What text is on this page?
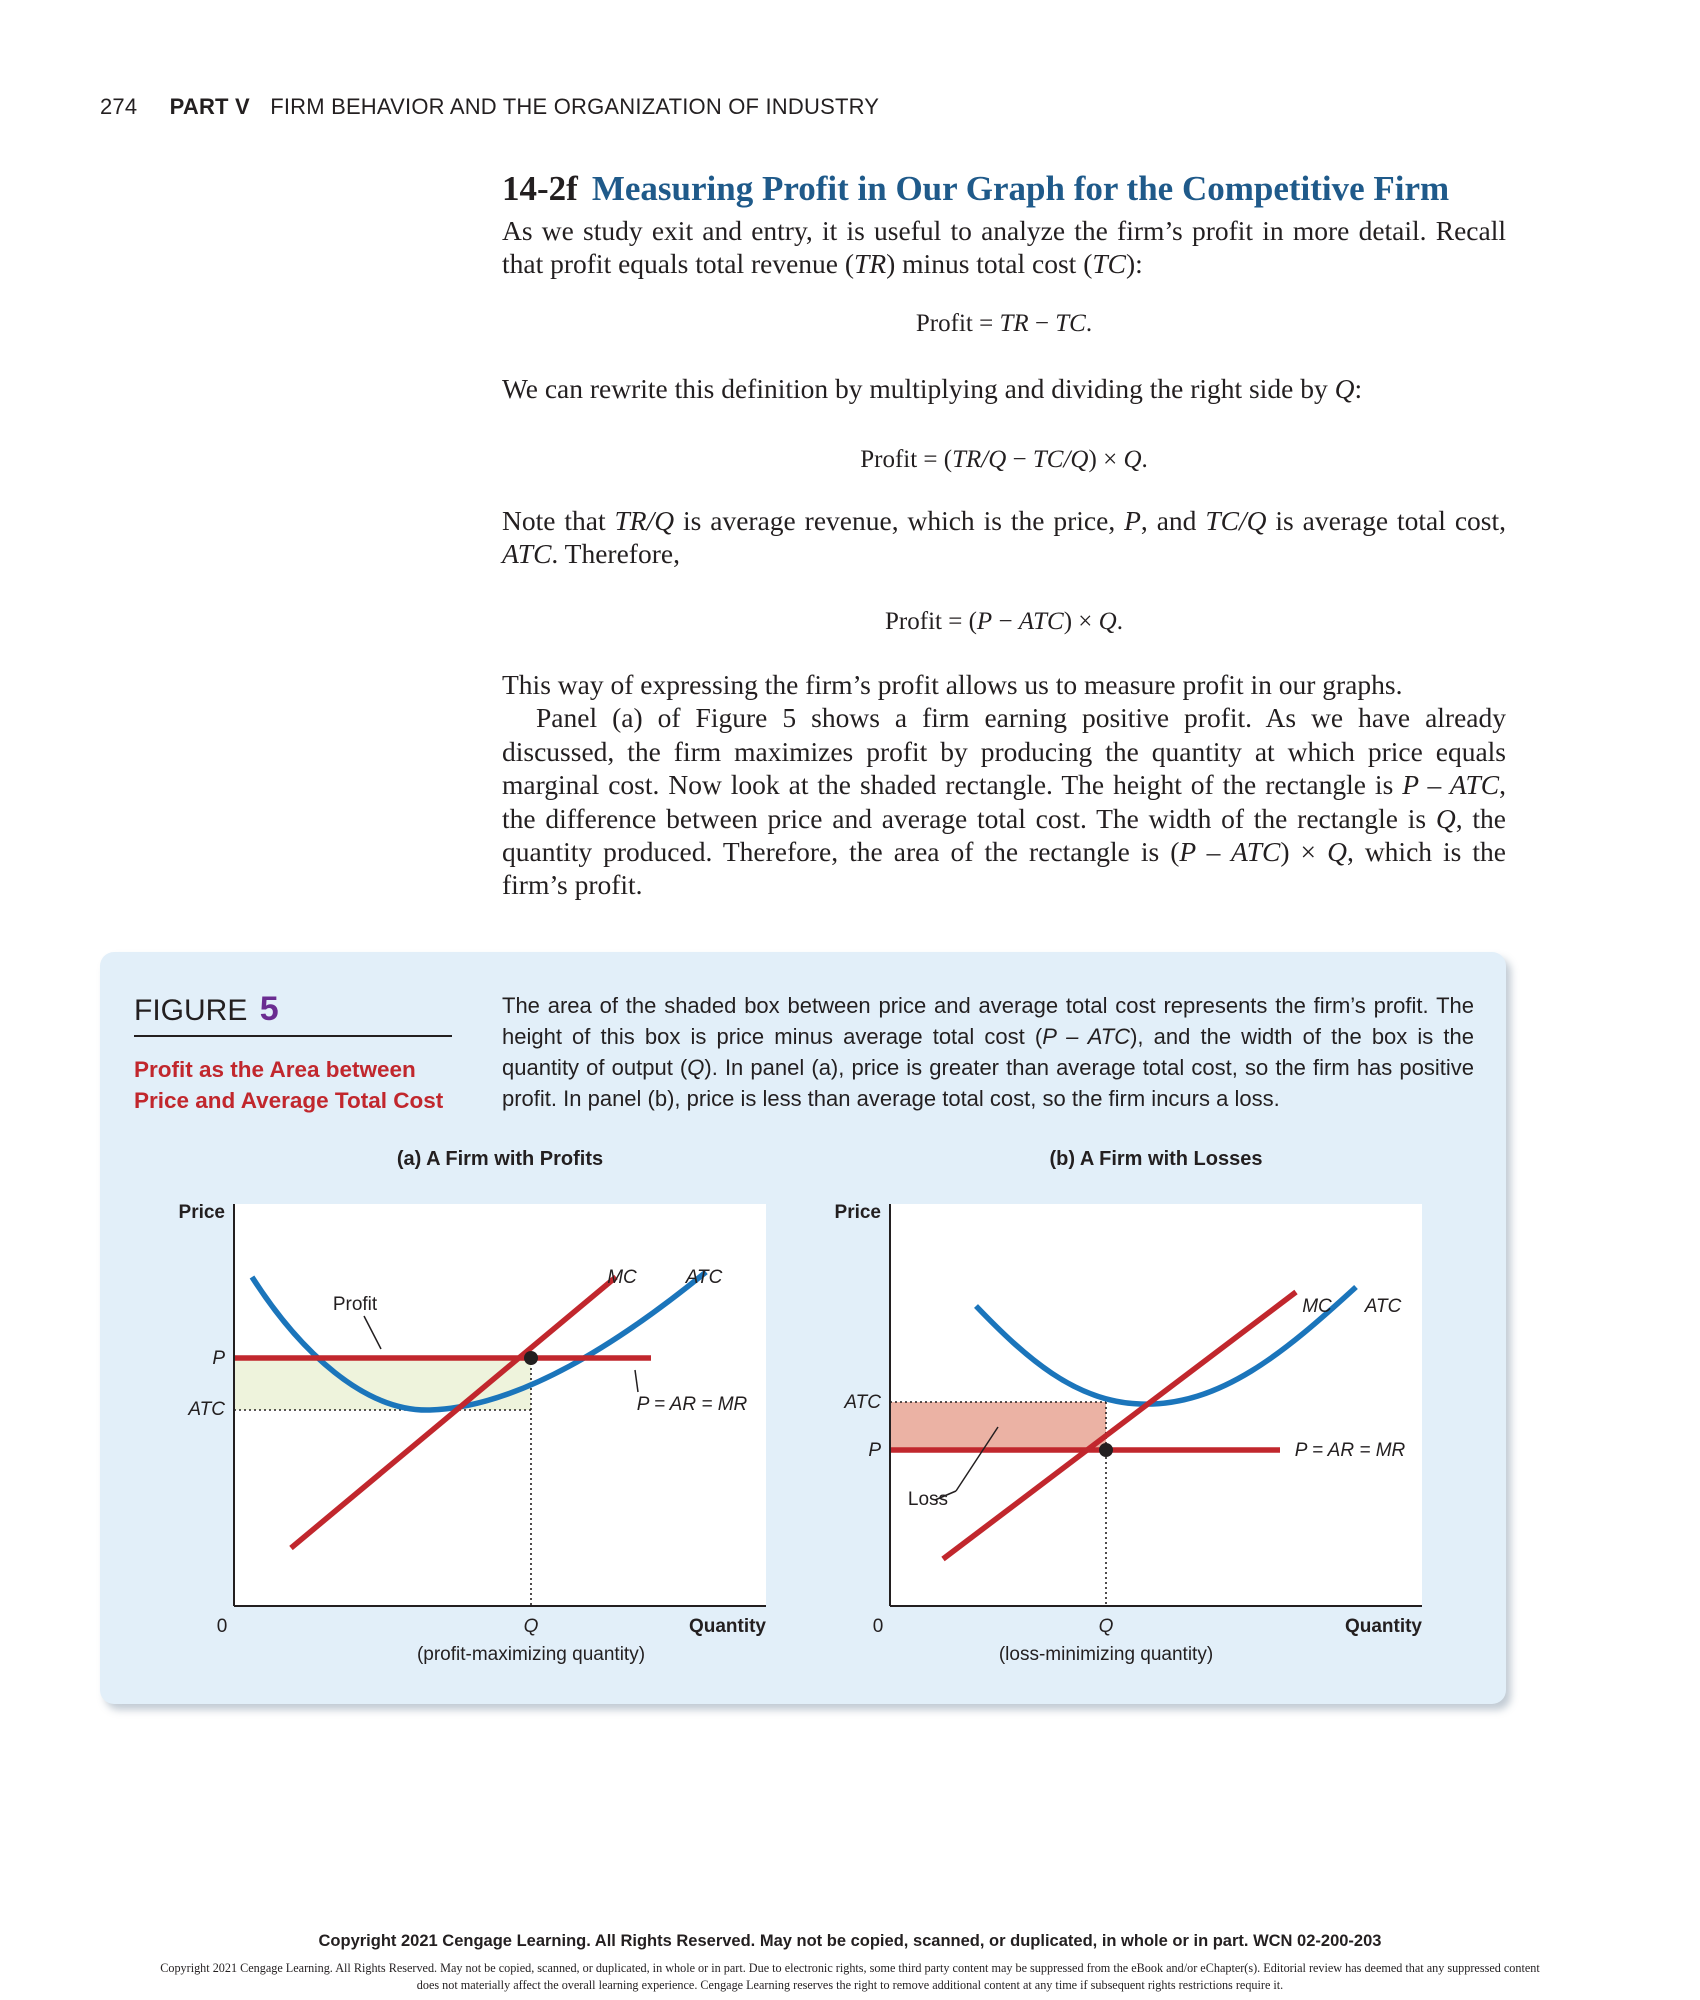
274 PART V FIRM BEHAVIOR AND THE ORGANIZATION OF INDUSTRY
14-2f Measuring Profit in Our Graph for the Competitive Firm

As we study exit and entry, it is useful to analyze the firm’s profit in more detail. Recall that profit equals total revenue (TR) minus total cost (TC):

Profit = TR − TC.

We can rewrite this definition by multiplying and dividing the right side by Q:

Profit = (TR/Q − TC/Q) × Q.

Note that TR/Q is average revenue, which is the price, P, and TC/Q is average total cost, ATC. Therefore,

Profit = (P − ATC) × Q.

This way of expressing the firm’s profit allows us to measure profit in our graphs.

Panel (a) of Figure 5 shows a firm earning positive profit. As we have already discussed, the firm maximizes profit by producing the quantity at which price equals marginal cost. Now look at the shaded rectangle. The height of the rectangle is P – ATC, the difference between price and average total cost. The width of the rectangle is Q, the quantity produced. Therefore, the area of the rectangle is (P – ATC) × Q, which is the firm’s profit.

FIGURE 5
Profit as the Area between Price and Average Total Cost
The area of the shaded box between price and average total cost represents the firm’s profit. The height of this box is price minus average total cost (P – ATC), and the width of the box is the quantity of output (Q). In panel (a), price is greater than average total cost, so the firm has positive profit. In panel (b), price is less than average total cost, so the firm incurs a loss.
(a) A Firm with Profits	(b) A Firm with Losses
Price
P
ATC
0	Q
(profit-maximizing quantity)
Quantity
MC	ATC
Profit
P = AR = MR
Price
ATC
P
0	Q
(loss-minimizing quantity)
Quantity
MC ATC
Loss
P = AR = MR
Copyright 2021 Cengage Learning. All Rights Reserved. May not be copied, scanned, or duplicated, in whole or in part. WCN 02-200-203
Copyright 2021 Cengage Learning. All Rights Reserved. May not be copied, scanned, or duplicated, in whole or in part. Due to electronic rights, some third party content may be suppressed from the eBook and/or eChapter(s). Editorial review has deemed that any suppressed content does not materially affect the overall learning experience. Cengage Learning reserves the right to remove additional content at any time if subsequent rights restrictions require it.
